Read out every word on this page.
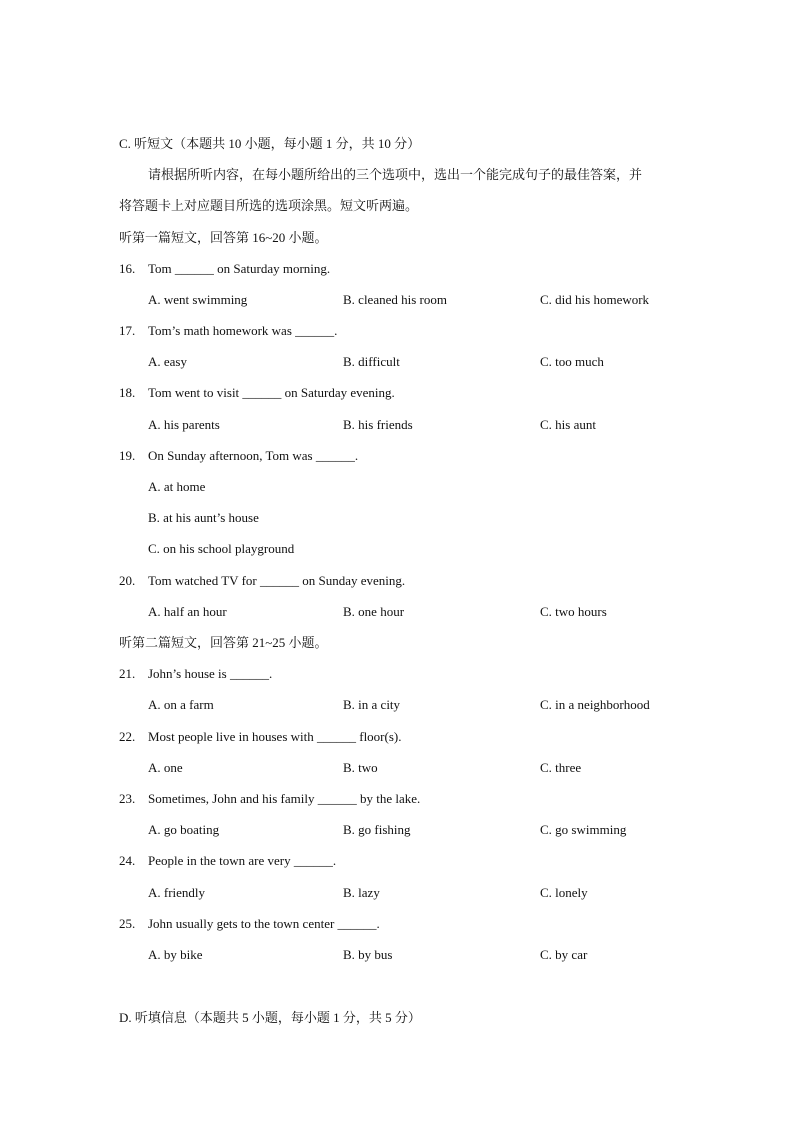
C. 听短文（本题共 10 小题，每小题 1 分，共 10 分）
请根据所听内容，在每小题所给出的三个选项中，选出一个能完成句子的最佳答案，并
将答题卡上对应题目所选的选项涂黑。短文听两遍。
听第一篇短文，回答第 16~20 小题。
16. Tom ______ on Saturday morning.
A. went swimming	B. cleaned his room	C. did his homework
17. Tom’s math homework was ______.
A. easy	B. difficult	C. too much
18. Tom went to visit ______ on Saturday evening.
A. his parents	B. his friends	C. his aunt
19. On Sunday afternoon, Tom was ______.
A. at home
B. at his aunt’s house
C. on his school playground
20. Tom watched TV for ______ on Sunday evening.
A. half an hour	B. one hour	C. two hours
听第二篇短文，回答第 21~25 小题。
21. John’s house is ______.
A. on a farm	B. in a city	C. in a neighborhood
22. Most people live in houses with ______ floor(s).
A. one	B. two	C. three
23. Sometimes, John and his family ______ by the lake.
A. go boating	B. go fishing	C. go swimming
24. People in the town are very ______.
A. friendly	B. lazy	C. lonely
25. John usually gets to the town center ______.
A. by bike	B. by bus	C. by car
D. 听填信息（本题共 5 小题，每小题 1 分，共 5 分）
